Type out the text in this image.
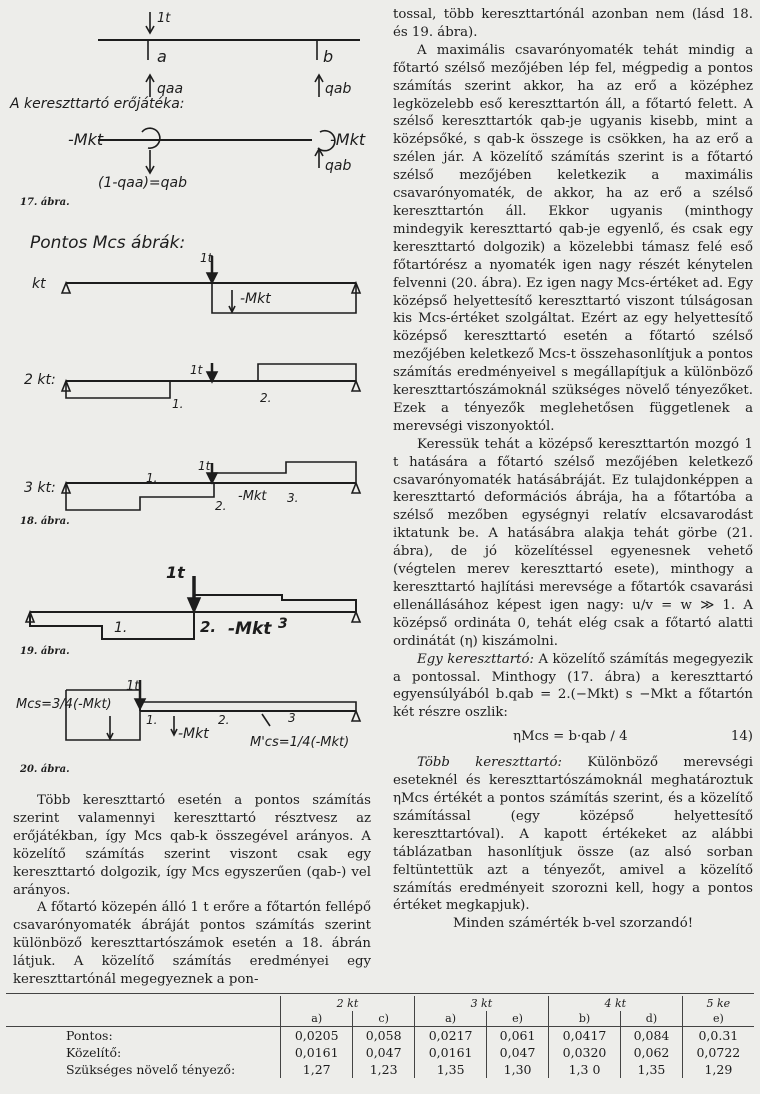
1t
a	b
qaa	qab
A kereszttartó erőjátéka:
-Mkt	-Mkt
qab
(1-qaa)=qab
Pontos Mcs ábrák:
kt
1t
-Mkt
2 kt:
1t
1.	2.
3 kt:
1t
1.
2.
3.
-Mkt
1t
1.	2.	3
-Mkt
1t
Mcs=3/4(-Mkt)
1.	2.	3
-Mkt
M'cs=1/4(-Mkt)
17. ábra.
18. ábra.
19. ábra.
20. ábra.

Több kereszttartó esetén a pontos számítás szerint valamennyi kereszttartó résztvesz az erőjátékban, így Mcs qab-k összegével arányos. A közelítő számítás szerint viszont csak egy kereszttartó dolgozik, így Mcs egyszerűen (qab-) vel arányos.

A főtartó közepén álló 1 t erőre a főtartón fellépő csavarónyomaték ábráját pontos számítás szerint különböző kereszttartószámok esetén a 18. ábrán látjuk. A közelítő számítás eredményei egy kereszttartónál megegyeznek a pon-

tossal, több kereszttartónál azonban nem (lásd 18. és 19. ábra).

A maximális csavarónyomaték tehát mindig a főtartó szélső mezőjében lép fel, mégpedig a pontos számítás szerint akkor, ha az erő a középhez legközelebb eső kereszttartón áll, a főtartó felett. A szélső kereszttartók qab-je ugyanis kisebb, mint a középsőké, s qab-k összege is csökken, ha az erő a szélen jár. A közelítő számítás szerint is a főtartó szélső mezőjében keletkezik a maximális csavarónyomaték, de akkor, ha az erő a szélső kereszttartón áll. Ekkor ugyanis (minthogy mindegyik kereszttartó qab-je egyenlő, és csak egy kereszttartó dolgozik) a közelebbi támasz felé eső főtartórész a nyomaték igen nagy részét kénytelen felvenni (20. ábra). Ez igen nagy Mcs-értéket ad. Egy középső helyettesítő kereszttartó viszont túlságosan kis Mcs-értéket szolgáltat. Ezért az egy helyettesítő középső kereszttartó esetén a főtartó szélső mezőjében keletkező Mcs-t összehasonlítjuk a pontos számítás eredményeivel s megállapítjuk a különböző kereszttartószámoknál szükséges növelő tényezőket. Ezek a tényezők meglehetősen függetlenek a merevségi viszonyoktól.

Keressük tehát a középső kereszttartón mozgó 1 t hatására a főtartó szélső mezőjében keletkező csavarónyomaték hatásábráját. Ez tulajdonképpen a kereszttartó deformációs ábrája, ha a főtartóba a szélső mezőben egységnyi relatív elcsavarodást iktatunk be. A hatásábra alakja tehát görbe (21. ábra), de jó közelítéssel egyenesnek vehető (végtelen merev kereszttartó esete), minthogy a kereszttartó hajlítási merevsége a főtartók csavarási ellenállásához képest igen nagy: u/v = w ≫ 1. A középső ordináta 0, tehát elég csak a főtartó alatti ordinátát (η) kiszámolni.

Egy kereszttartó: A közelítő számítás megegyezik a pontossal. Minthogy (17. ábra) a kereszttartó egyensúlyából b.qab = 2.(−Mkt) s −Mkt a főtartón két részre oszlik:

ηMcs = b·qab / 4	14)

Több kereszttartó: Különböző merevségi eseteknél és kereszttartószámoknál meghatároztuk ηMcs értékét a pontos számítás szerint, és a közelítő számítással (egy középső helyettesítő kereszttartóval). A kapott értékeket az alábbi táblázatban hasonlítjuk össze (az alsó sorban feltüntettük azt a tényezőt, amivel a közelítő számítás eredményeit szorozni kell, hogy a pontos értéket megkapjuk).

Minden számérték b-vel szorzandó!

	2 kt		3 kt		4 kt		5 ke
	a)	c)	a)	e)	b)	d)	e)
Pontos:	0,0205	0,058	0,0217	0,061	0,0417	0,084	0,0.31
Közelítő:	0,0161	0,047	0,0161	0,047	0,0320	0,062	0,0722
Szükséges növelő tényező:	1,27	1,23	1,35	1,30	1,3 0	1,35	1,29
